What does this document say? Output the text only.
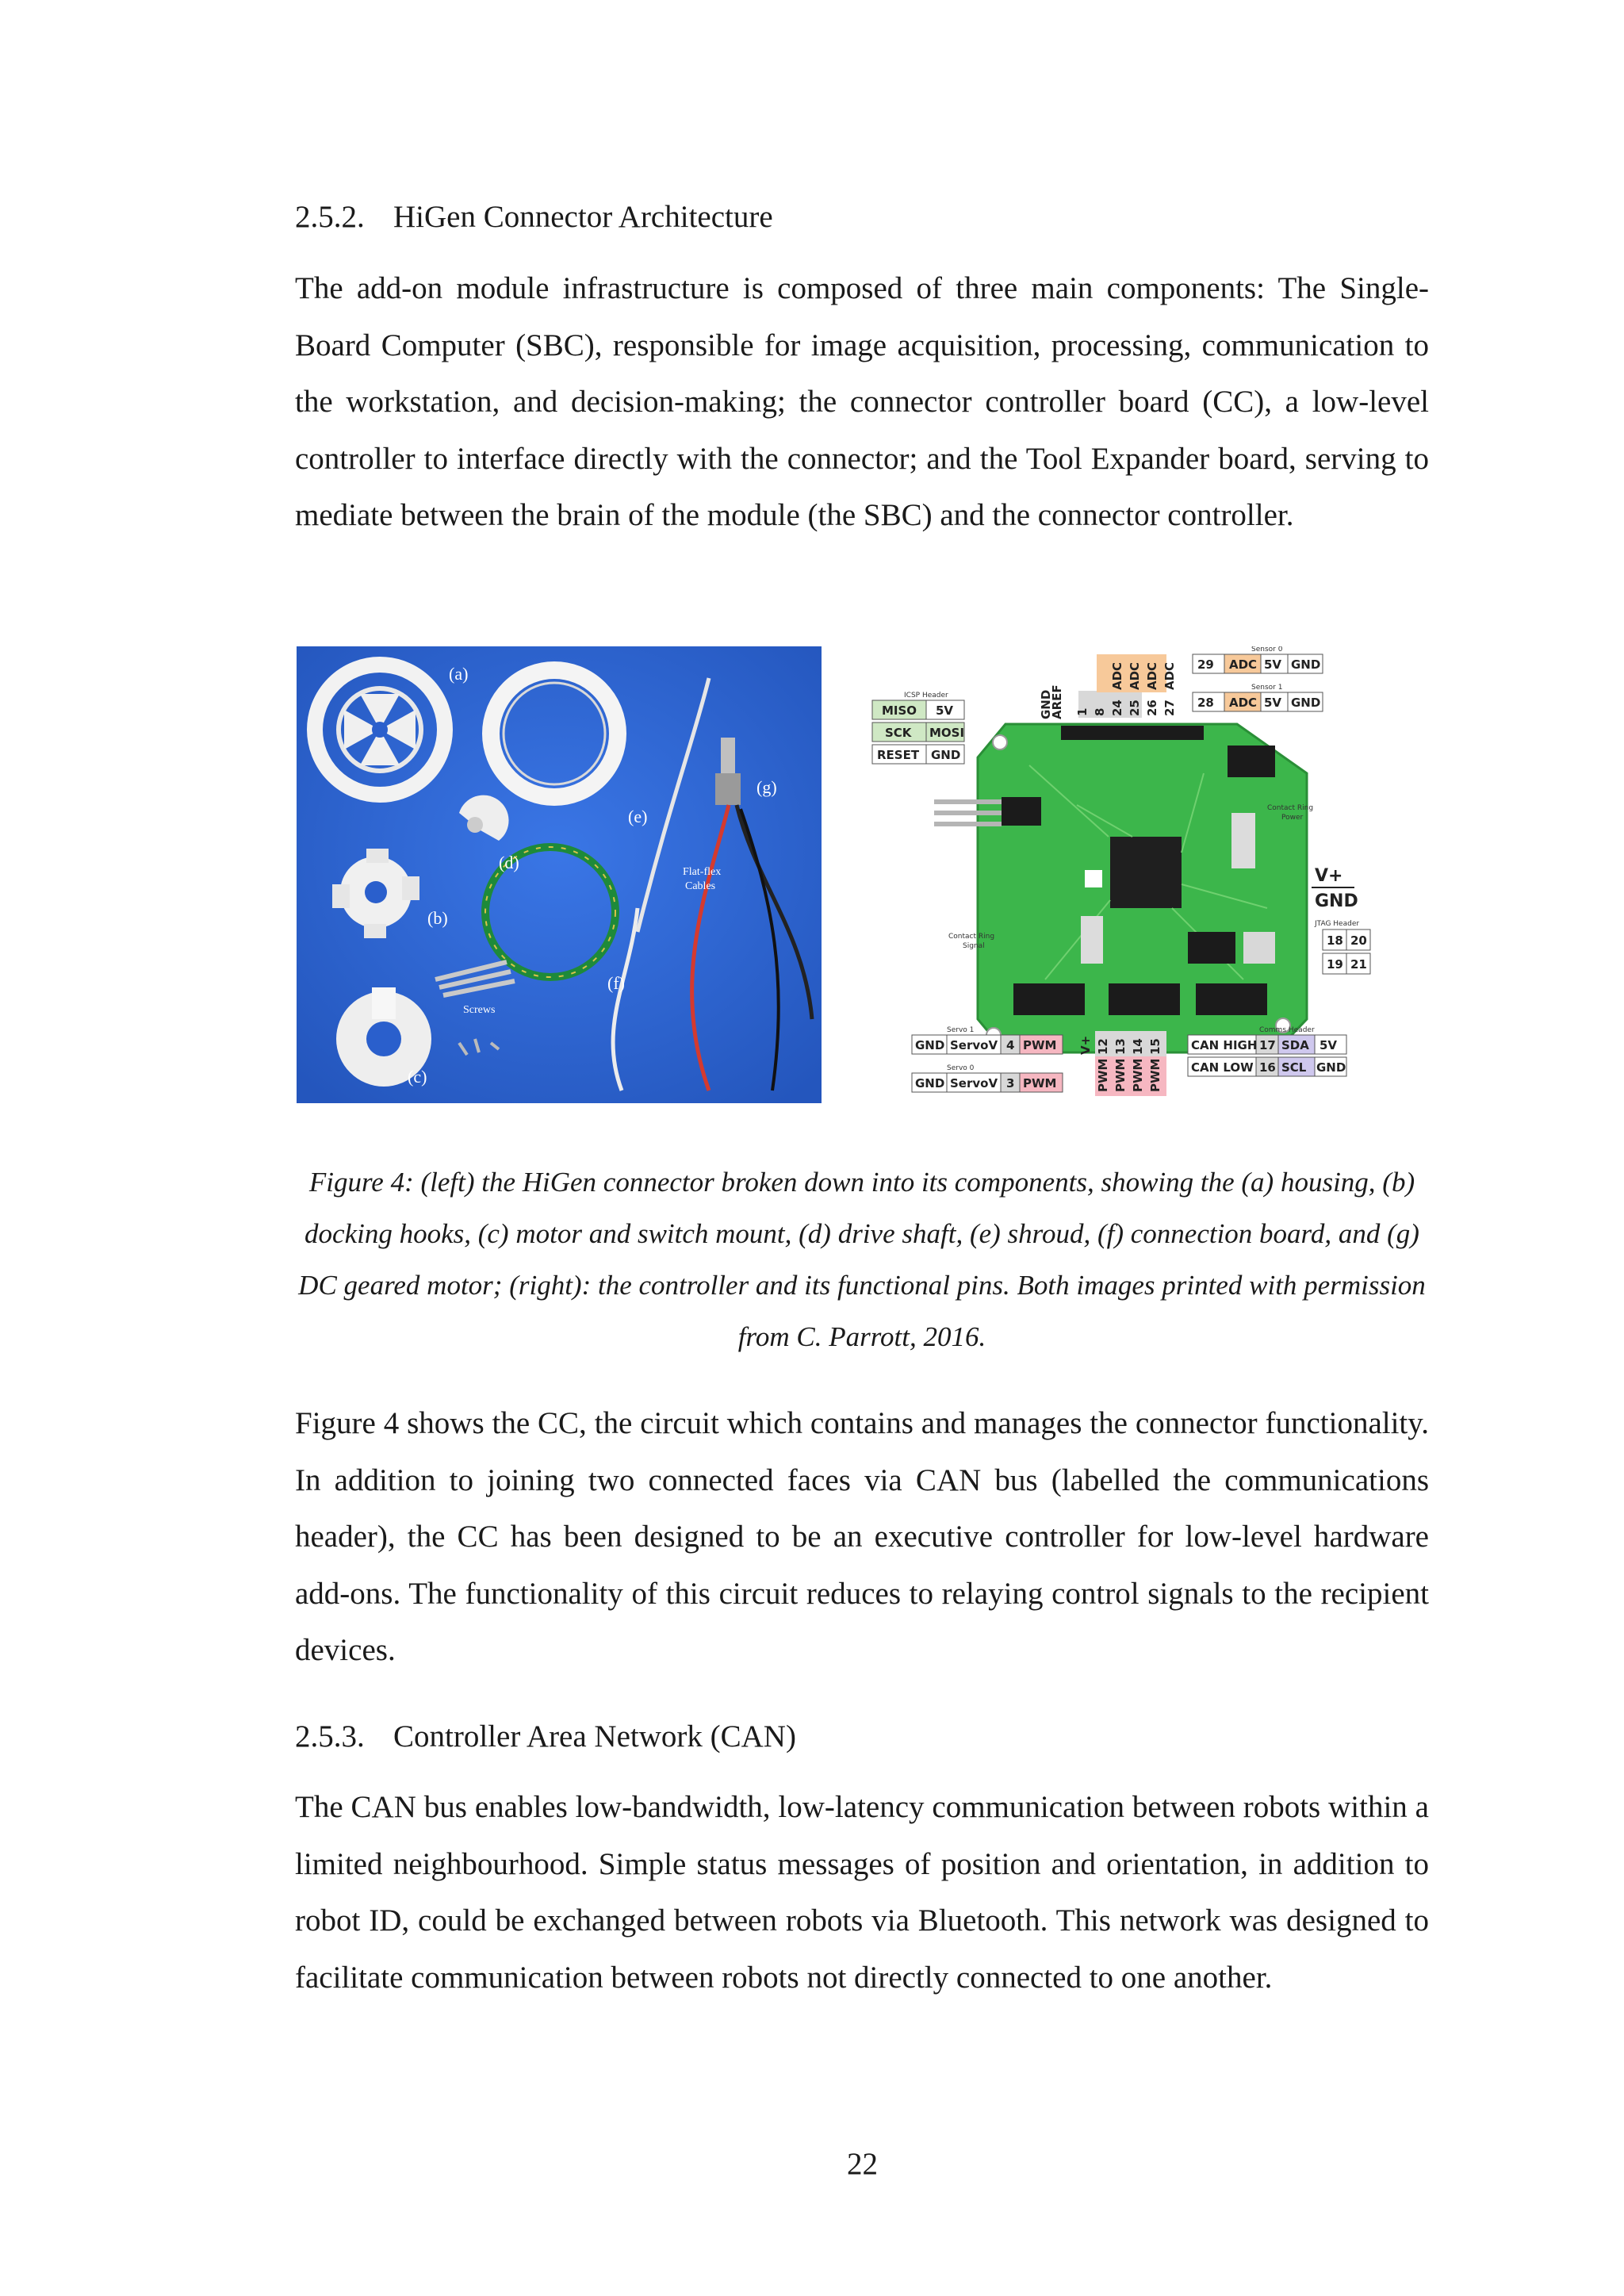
2.5.2. HiGen Connector Architecture

The add-on module infrastructure is composed of three main components: The Single-Board Computer (SBC), responsible for image acquisition, processing, communication to the workstation, and decision-making; the connector controller board (CC), a low-level controller to interface directly with the connector; and the Tool Expander board, serving to mediate between the brain of the module (the SBC) and the connector controller.

(a)
(e)
(d)
(b)
(c)
(f)
(g)
Flat-flex
Cables
Screws
ICSP Header
MISO 5V
SCK MOSI
RESET GND
GND
AREF 1 8 24 25 26 27
ADC ADC ADC ADC
Sensor 0
29 ADC 5V GND
Sensor 1
28 ADC 5V GND
Contact Ring
Power
V+
GND
JTAG Header
18 20
19 21
Contact Ring
Signal
Servo 1
GND ServoV 4 PWM
Servo 0
GND ServoV 3 PWM
V+ 12 13 14 15
PWM PWM PWM PWM
Comms Header
CAN HIGH 17 SDA 5V
CAN LOW 16 SCL GND

Figure 4: (left) the HiGen connector broken down into its components, showing the (a) housing, (b) docking hooks, (c) motor and switch mount, (d) drive shaft, (e) shroud, (f) connection board, and (g) DC geared motor; (right): the controller and its functional pins. Both images printed with permission from C. Parrott, 2016.

Figure 4 shows the CC, the circuit which contains and manages the connector functionality. In addition to joining two connected faces via CAN bus (labelled the communications header), the CC has been designed to be an executive controller for low-level hardware add-ons. The functionality of this circuit reduces to relaying control signals to the recipient devices.

2.5.3. Controller Area Network (CAN)

The CAN bus enables low-bandwidth, low-latency communication between robots within a limited neighbourhood. Simple status messages of position and orientation, in addition to robot ID, could be exchanged between robots via Bluetooth. This network was designed to facilitate communication between robots not directly connected to one another.

22
